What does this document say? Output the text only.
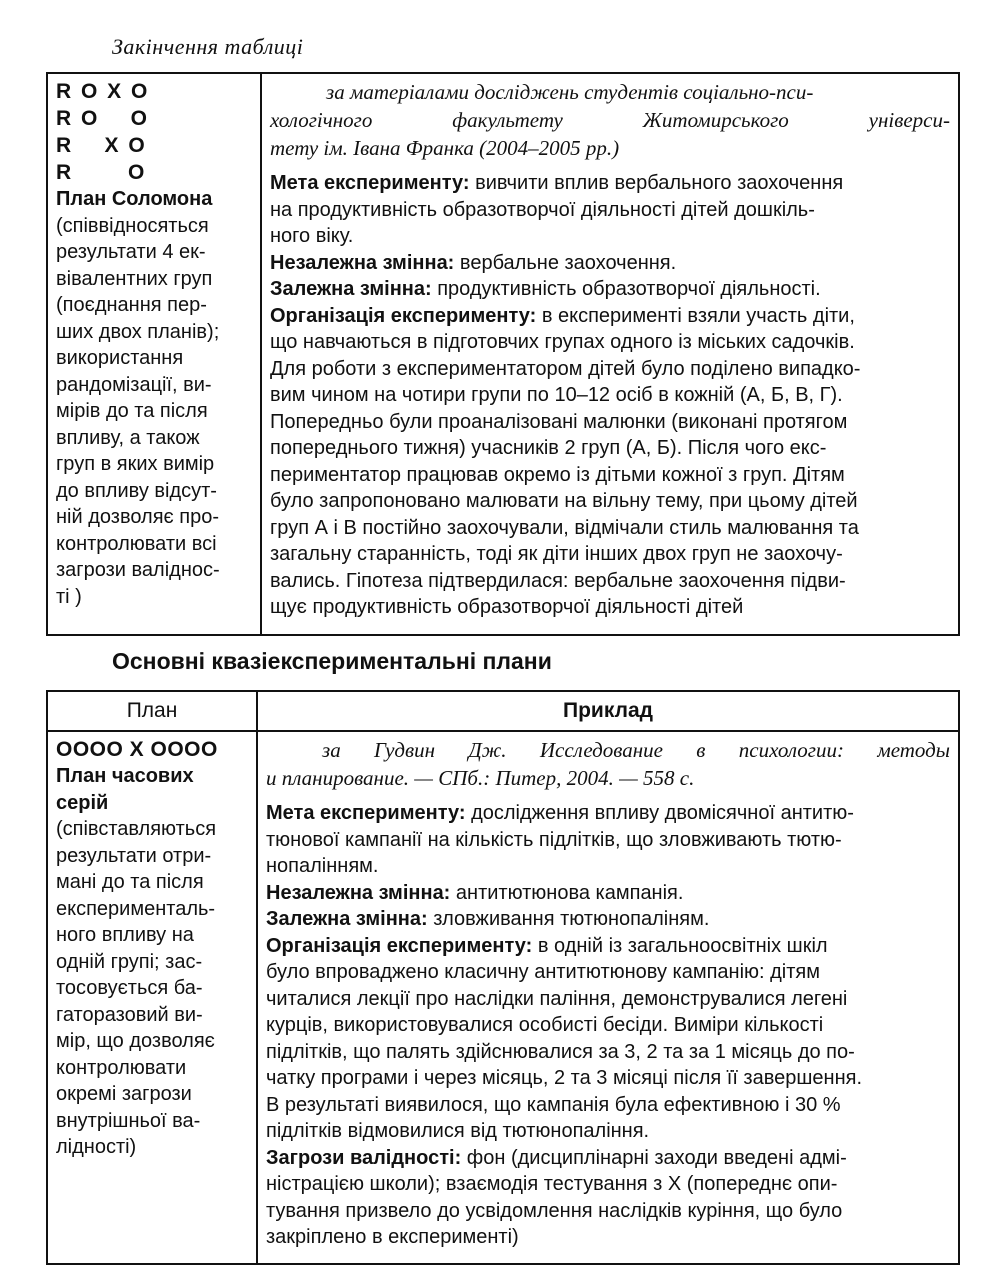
Закінчення таблиці
R O X O
R O    O
R    X O
R       O
План Соломона
(співвідносяться
результати 4 ек-
вівалентних груп
(поєднання пер-
ших двох планів);
використання
рандомізації, ви-
мірів до та після
впливу, а також
груп в яких вимір
до впливу відсут-
ній дозволяє про-
контролювати всі
загрози валіднос-
ті )
за матеріалами досліджень студентів соціально-пси-
хологічного факультету Житомирського універси-
тету ім. Івана Франка (2004–2005 рр.)
Мета експерименту: вивчити вплив вербального заохочення
на продуктивність образотворчої діяльності дітей дошкіль-
ного віку.
Незалежна змінна: вербальне заохочення.
Залежна змінна: продуктивність образотворчої діяльності.
Організація експерименту: в експерименті взяли участь діти,
що навчаються в підготовчих групах одного із міських садочків.
Для роботи з експериментатором дітей було поділено випадко-
вим чином на чотири групи по 10–12 осіб в кожній (А, Б, В, Г).
Попередньо були проаналізовані малюнки (виконані протягом
попереднього тижня) учасників 2 груп (А, Б). Після чого екс-
периментатор працював окремо із дітьми кожної з груп. Дітям
було запропоновано малювати на вільну тему, при цьому дітей
груп А і В постійно заохочували, відмічали стиль малювання та
загальну старанність, тоді як діти інших двох груп не заохочу-
вались. Гіпотеза підтвердилася: вербальне заохочення підви-
щує продуктивність образотворчої діяльності дітей
Основні квазіекспериментальні плани
План	Приклад
OOOO X OOOO
План часових
серій
(співставляються
результати отри-
мані до та після
експерименталь-
ного впливу на
одній групі; зас-
тосовується ба-
гаторазовий ви-
мір, що дозволяє
контролювати
окремі загрози
внутрішньої ва-
лідності)
за Гудвин Дж. Исследование в психологии: методы
и планирование. — СПб.: Питер, 2004. — 558 с.
Мета експерименту: дослідження впливу двомісячної антитю-
тюнової кампанії на кількість підлітків, що зловживають тютю-
нопалінням.
Незалежна змінна: антитютюнова кампанія.
Залежна змінна: зловживання тютюнопаліням.
Організація експерименту: в одній із загальноосвітніх шкіл
було впроваджено класичну антитютюнову кампанію: дітям
читалися лекції про наслідки паління, демонструвалися легені
курців, використовувалися особисті бесіди. Виміри кількості
підлітків, що палять здійснювалися за 3, 2 та за 1 місяць до по-
чатку програми і через місяць, 2 та 3 місяці після її завершення.
В результаті виявилося, що кампанія була ефективною і 30 %
підлітків відмовилися від тютюнопаління.
Загрози валідності: фон (дисциплінарні заходи введені адмі-
ністрацією школи); взаємодія тестування з X (попереднє опи-
тування призвело до усвідомлення наслідків куріння, що було
закріплено в експерименті)
